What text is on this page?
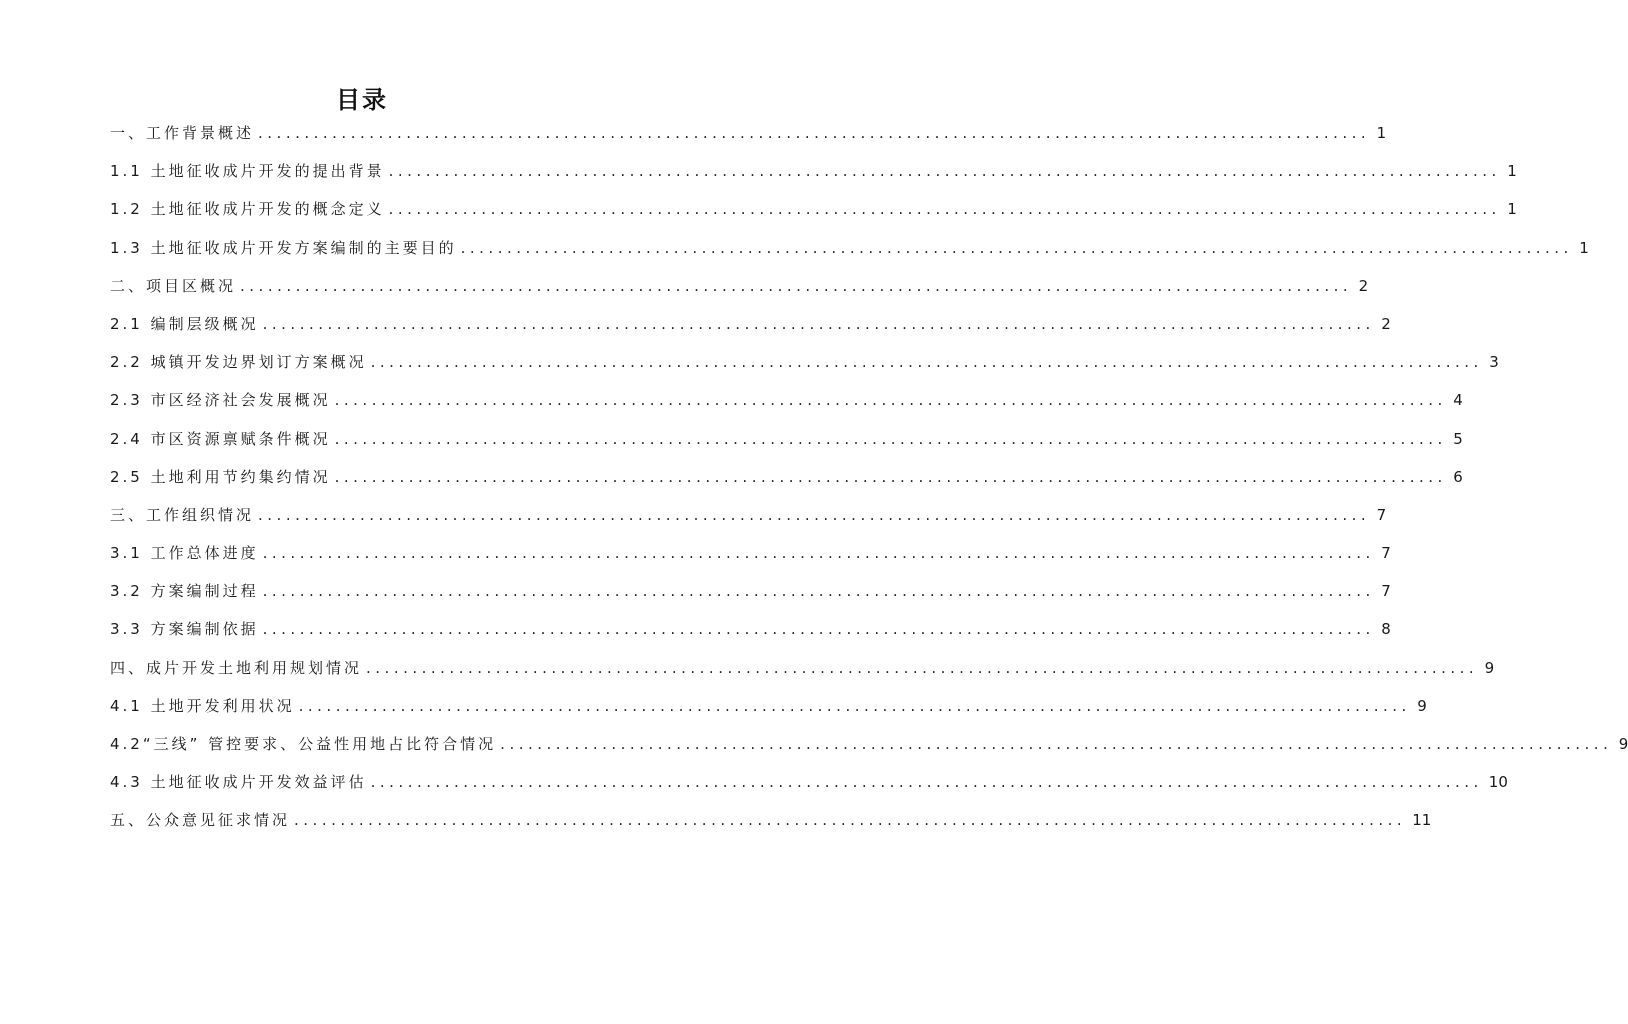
目录
一、工作背景概述 ........................................................................................................................ 1
1.1 土地征收成片开发的提出背景 ........................................................................................................................ 1
1.2 土地征收成片开发的概念定义 ........................................................................................................................ 1
1.3 土地征收成片开发方案编制的主要目的 ........................................................................................................................ 1
二、项目区概况 ........................................................................................................................ 2
2.1 编制层级概况 ........................................................................................................................ 2
2.2 城镇开发边界划订方案概况 ........................................................................................................................ 3
2.3 市区经济社会发展概况 ........................................................................................................................ 4
2.4 市区资源禀赋条件概况 ........................................................................................................................ 5
2.5 土地利用节约集约情况 ........................................................................................................................ 6
三、工作组织情况 ........................................................................................................................ 7
3.1 工作总体进度 ........................................................................................................................ 7
3.2 方案编制过程 ........................................................................................................................ 7
3.3 方案编制依据 ........................................................................................................................ 8
四、成片开发土地利用规划情况 ........................................................................................................................ 9
4.1 土地开发利用状况 ........................................................................................................................ 9
4.2“三线” 管控要求、公益性用地占比符合情况 ........................................................................................................................ 9
4.3 土地征收成片开发效益评估 ........................................................................................................................ 10
五、公众意见征求情况 ........................................................................................................................ 11
